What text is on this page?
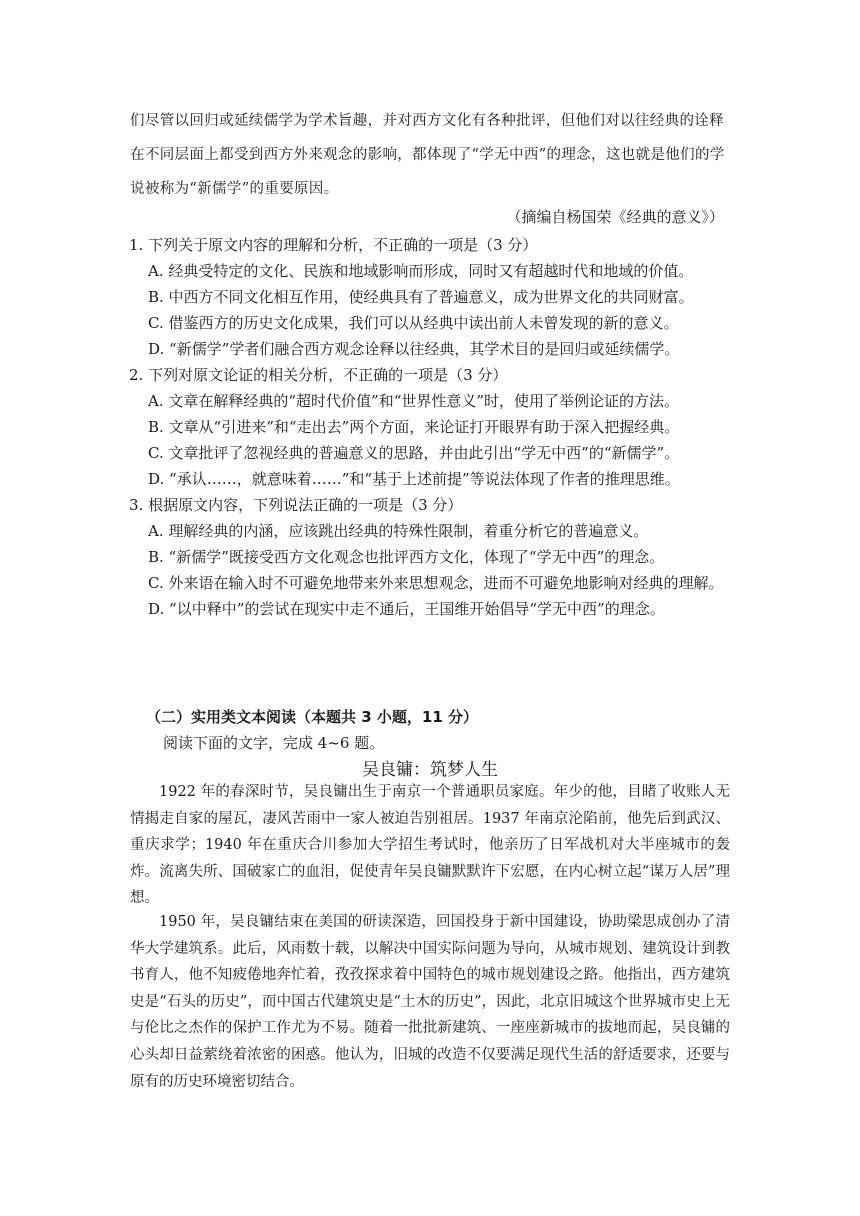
们尽管以回归或延续儒学为学术旨趣，并对西方文化有各种批评，但他们对以往经典的诠释在不同层面上都受到西方外来观念的影响，都体现了“学无中西”的理念，这也就是他们的学说被称为“新儒学”的重要原因。
（摘编自杨国荣《经典的意义》）
1. 下列关于原文内容的理解和分析，不正确的一项是（3 分）
A. 经典受特定的文化、民族和地域影响而形成，同时又有超越时代和地域的价值。
B. 中西方不同文化相互作用，使经典具有了普遍意义，成为世界文化的共同财富。
C. 借鉴西方的历史文化成果，我们可以从经典中读出前人未曾发现的新的意义。
D. “新儒学”学者们融合西方观念诠释以往经典，其学术目的是回归或延续儒学。
2. 下列对原文论证的相关分析，不正确的一项是（3 分）
A. 文章在解释经典的“超时代价值”和“世界性意义”时，使用了举例论证的方法。
B. 文章从“引进来”和“走出去”两个方面，来论证打开眼界有助于深入把握经典。
C. 文章批评了忽视经典的普遍意义的思路，并由此引出“学无中西”的“新儒学”。
D. “承认……，就意味着……”和“基于上述前提”等说法体现了作者的推理思维。
3. 根据原文内容，下列说法正确的一项是（3 分）
A. 理解经典的内涵，应该跳出经典的特殊性限制，着重分析它的普遍意义。
B. “新儒学”既接受西方文化观念也批评西方文化，体现了“学无中西”的理念。
C. 外来语在输入时不可避免地带来外来思想观念，进而不可避免地影响对经典的理解。
D. “以中释中”的尝试在现实中走不通后，王国维开始倡导“学无中西”的理念。
（二）实用类文本阅读（本题共 3 小题，11 分）
阅读下面的文字，完成 4~6 题。
吴良镛：筑梦人生
1922 年的春深时节，吴良镛出生于南京一个普通职员家庭。年少的他，目睹了收账人无情揭走自家的屋瓦，凄风苦雨中一家人被迫告别祖居。1937 年南京沦陷前，他先后到武汉、重庆求学；1940 年在重庆合川参加大学招生考试时，他亲历了日军战机对大半座城市的轰炸。流离失所、国破家亡的血泪，促使青年吴良镛默默许下宏愿，在内心树立起“谋万人居”理想。
1950 年，吴良镛结束在美国的研读深造，回国投身于新中国建设，协助梁思成创办了清华大学建筑系。此后，风雨数十载，以解决中国实际问题为导向，从城市规划、建筑设计到教书育人，他不知疲倦地奔忙着，孜孜探求着中国特色的城市规划建设之路。他指出，西方建筑史是“石头的历史”，而中国古代建筑史是“土木的历史”，因此，北京旧城这个世界城市史上无与伦比之杰作的保护工作尤为不易。随着一批批新建筑、一座座新城市的拔地而起，吴良镛的心头却日益萦绕着浓密的困惑。他认为，旧城的改造不仅要满足现代生活的舒适要求，还要与原有的历史环境密切结合。
